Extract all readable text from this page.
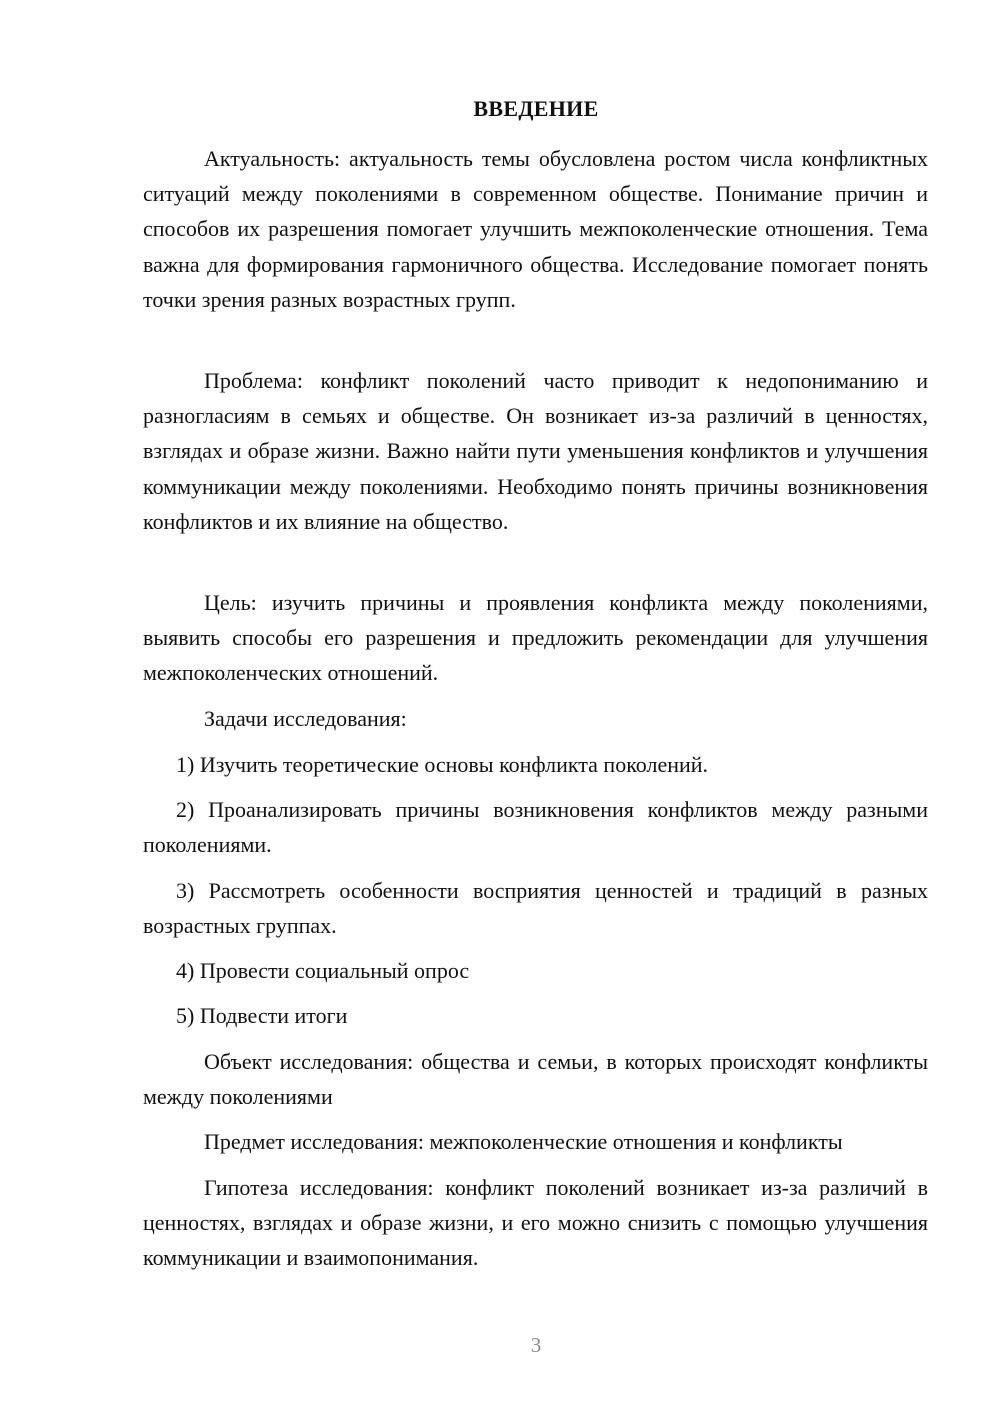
ВВЕДЕНИЕ

Актуальность: актуальность темы обусловлена ростом числа конфликтных ситуаций между поколениями в современном обществе. Понимание причин и способов их разрешения помогает улучшить межпоколенческие отношения. Тема важна для формирования гармоничного общества. Исследование помогает понять точки зрения разных возрастных групп.

Проблема: конфликт поколений часто приводит к недопониманию и разногласиям в семьях и обществе. Он возникает из-за различий в ценностях, взглядах и образе жизни. Важно найти пути уменьшения конфликтов и улучшения коммуникации между поколениями. Необходимо понять причины возникновения конфликтов и их влияние на общество.

Цель: изучить причины и проявления конфликта между поколениями, выявить способы его разрешения и предложить рекомендации для улучшения межпоколенческих отношений.

Задачи исследования:

1) Изучить теоретические основы конфликта поколений.

2) Проанализировать причины возникновения конфликтов между разными поколениями.

3) Рассмотреть особенности восприятия ценностей и традиций в разных возрастных группах.

4) Провести социальный опрос

5) Подвести итоги

Объект исследования: общества и семьи, в которых происходят конфликты между поколениями

Предмет исследования: межпоколенческие отношения и конфликты

Гипотеза исследования: конфликт поколений возникает из-за различий в ценностях, взглядах и образе жизни, и его можно снизить с помощью улучшения коммуникации и взаимопонимания.

3
